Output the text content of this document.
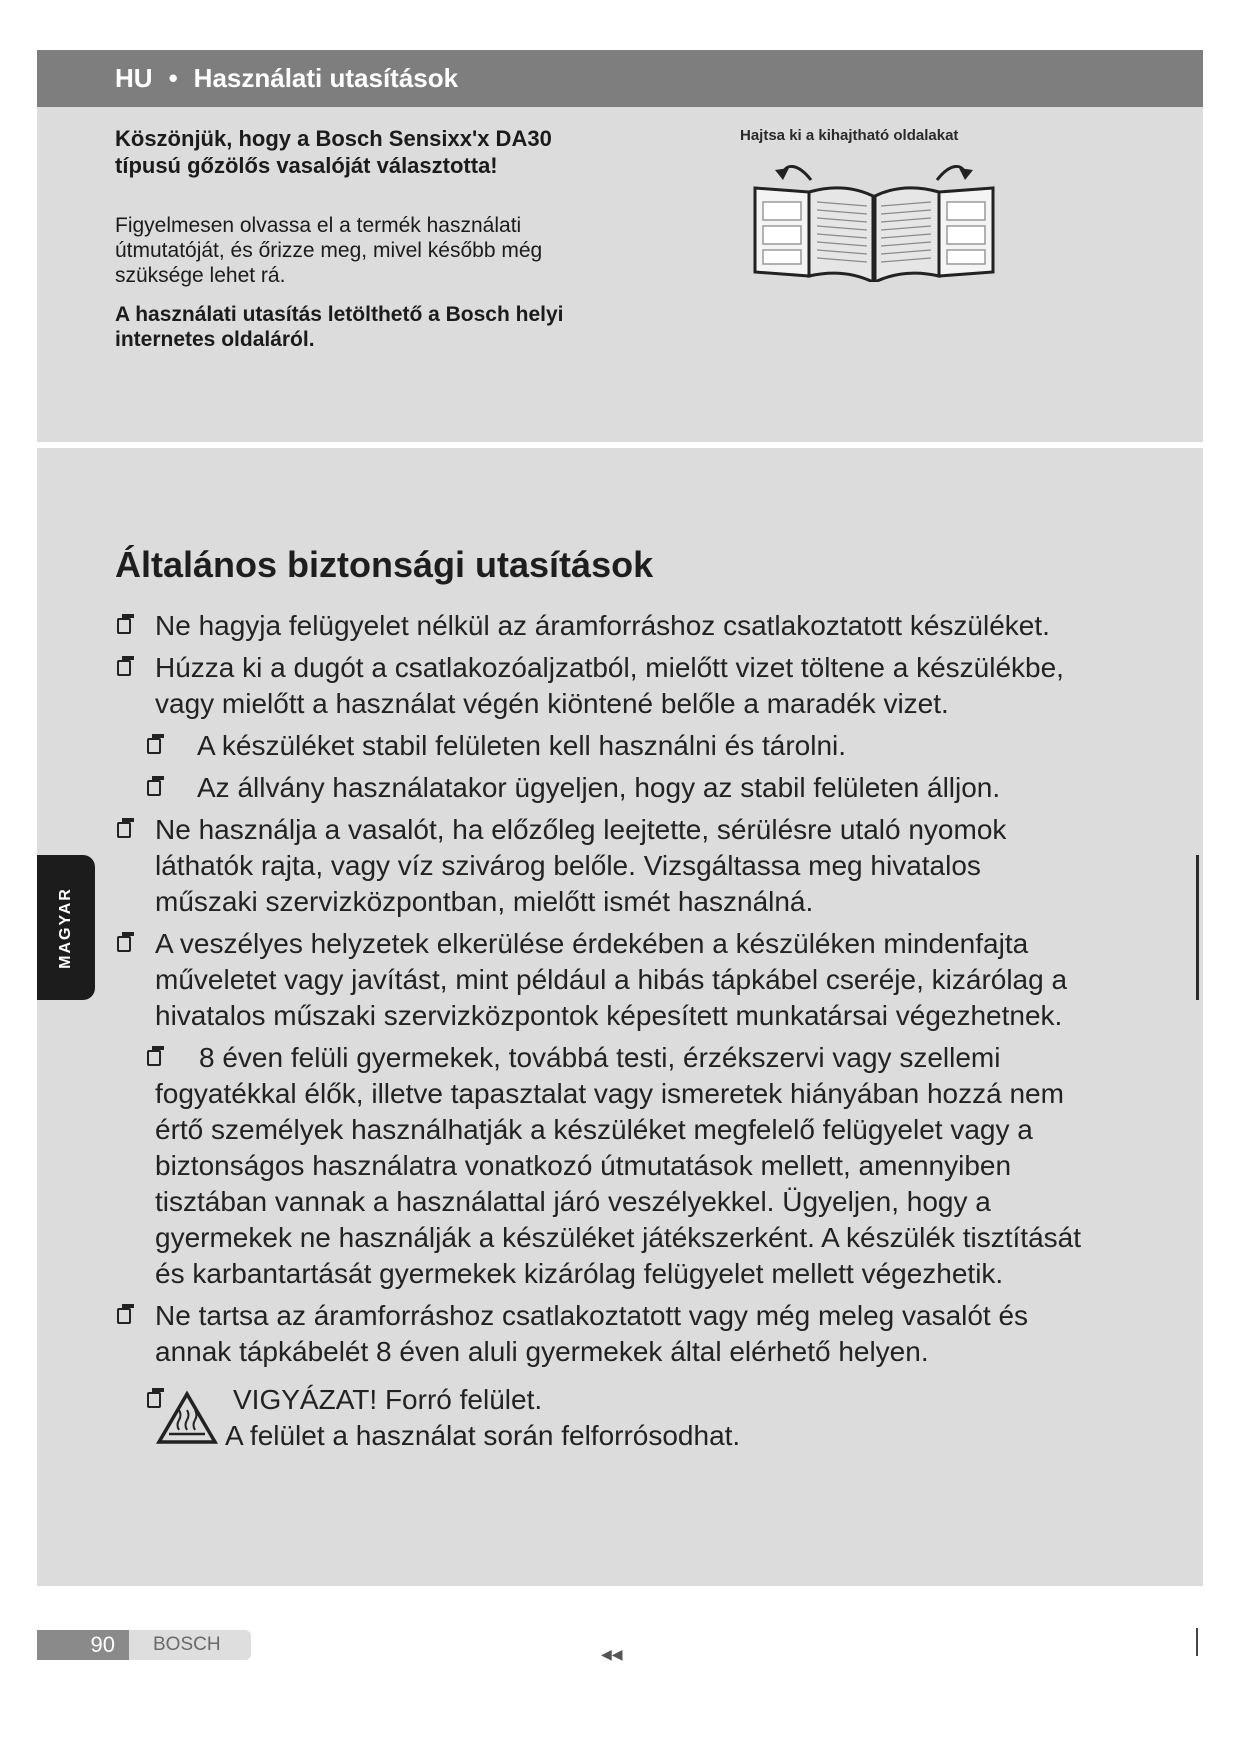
HU • Használati utasítások

Köszönjük, hogy a Bosch Sensixx'x DA30
típusú gőzölős vasalóját választotta!

Figyelmesen olvassa el a termék használati
útmutatóját, és őrizze meg, mivel később még
szüksége lehet rá.

A használati utasítás letölthető a Bosch helyi
internetes oldaláról.

Hajtsa ki a kihajtható oldalakat
Általános biztonsági utasítások
Ne hagyja felügyelet nélkül az áramforráshoz csatlakoztatott készüléket.
Húzza ki a dugót a csatlakozóaljzatból, mielőtt vizet töltene a készülékbe,
vagy mielőtt a használat végén kiöntené belőle a maradék vizet.
A készüléket stabil felületen kell használni és tárolni.
Az állvány használatakor ügyeljen, hogy az stabil felületen álljon.
Ne használja a vasalót, ha előzőleg leejtette, sérülésre utaló nyomok
láthatók rajta, vagy víz szivárog belőle. Vizsgáltassa meg hivatalos
műszaki szervizközpontban, mielőtt ismét használná.
A veszélyes helyzetek elkerülése érdekében a készüléken mindenfajta
műveletet vagy javítást, mint például a hibás tápkábel cseréje, kizárólag a
hivatalos műszaki szervizközpontok képesített munkatársai végezhetnek.
8 éven felüli gyermekek, továbbá testi, érzékszervi vagy szellemi
fogyatékkal élők, illetve tapasztalat vagy ismeretek hiányában hozzá nem
értő személyek használhatják a készüléket megfelelő felügyelet vagy a
biztonságos használatra vonatkozó útmutatások mellett, amennyiben
tisztában vannak a használattal járó veszélyekkel. Ügyeljen, hogy a
gyermekek ne használják a készüléket játékszerként. A készülék tisztítását
és karbantartását gyermekek kizárólag felügyelet mellett végezhetik.
Ne tartsa az áramforráshoz csatlakoztatott vagy még meleg vasalót és
annak tápkábelét 8 éven aluli gyermekek által elérhető helyen.
VIGYÁZAT! Forró felület.
A felület a használat során felforrósodhat.
MAGYAR
90	BOSCH	◀◀
